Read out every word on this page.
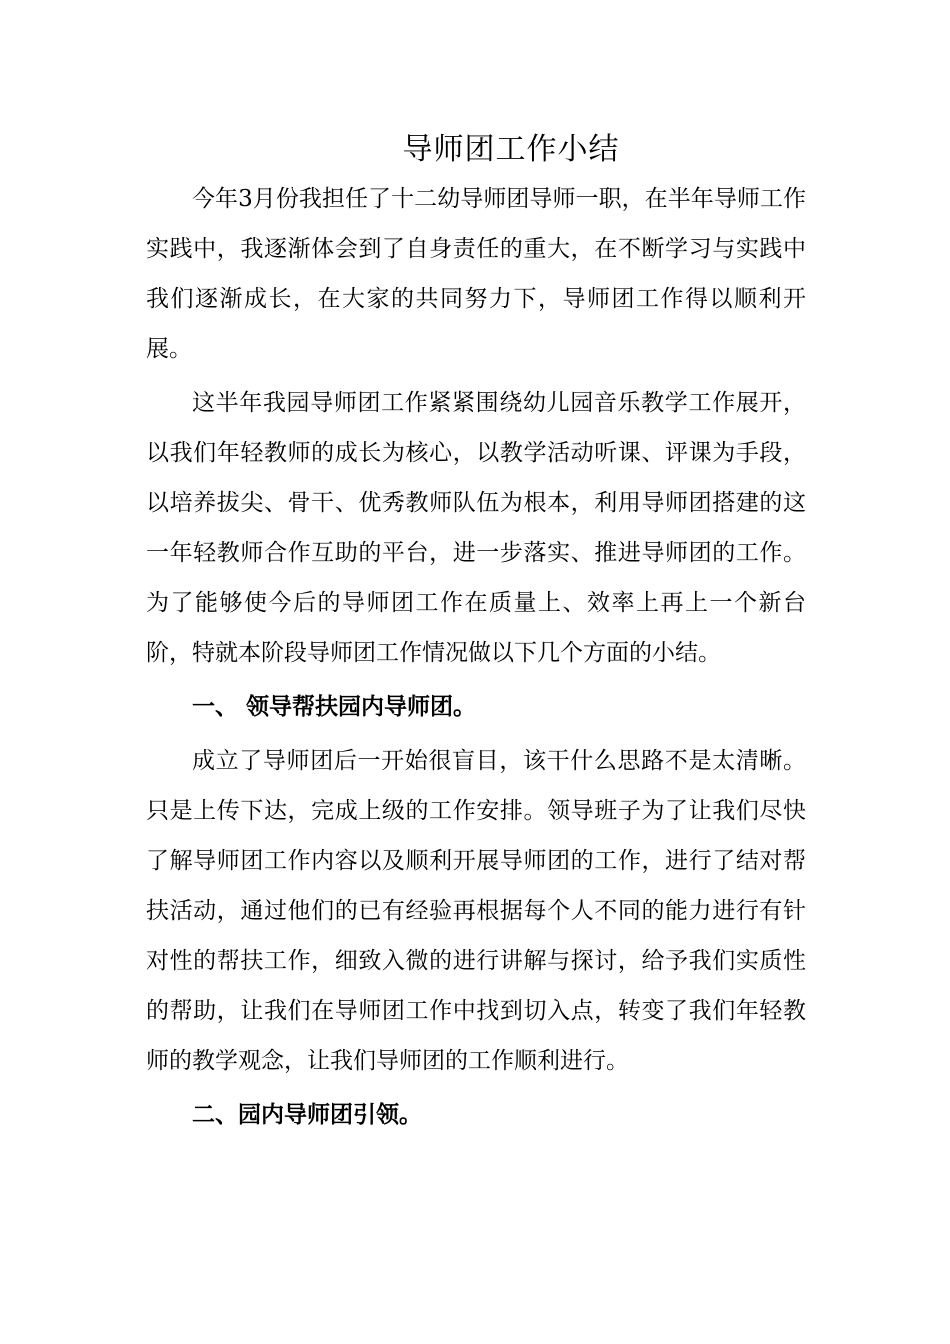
导师团工作小结

今年3月份我担任了十二幼导师团导师一职，在半年导师工作实践中，我逐渐体会到了自身责任的重大，在不断学习与实践中我们逐渐成长，在大家的共同努力下，导师团工作得以顺利开展。

这半年我园导师团工作紧紧围绕幼儿园音乐教学工作展开，以我们年轻教师的成长为核心，以教学活动听课、评课为手段，以培养拔尖、骨干、优秀教师队伍为根本，利用导师团搭建的这一年轻教师合作互助的平台，进一步落实、推进导师团的工作。为了能够使今后的导师团工作在质量上、效率上再上一个新台阶，特就本阶段导师团工作情况做以下几个方面的小结。

一、 领导帮扶园内导师团。

成立了导师团后一开始很盲目，该干什么思路不是太清晰。只是上传下达，完成上级的工作安排。领导班子为了让我们尽快了解导师团工作内容以及顺利开展导师团的工作，进行了结对帮扶活动，通过他们的已有经验再根据每个人不同的能力进行有针对性的帮扶工作，细致入微的进行讲解与探讨，给予我们实质性的帮助，让我们在导师团工作中找到切入点，转变了我们年轻教师的教学观念，让我们导师团的工作顺利进行。

二、园内导师团引领。
